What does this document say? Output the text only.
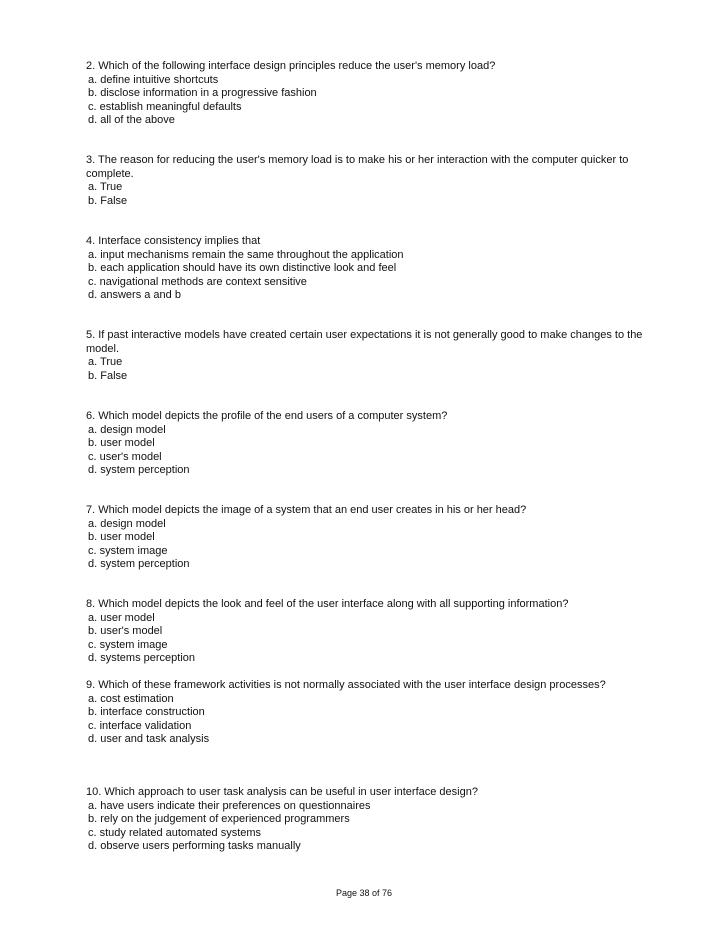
2. Which of the following interface design principles reduce the user's memory load?

a. define intuitive shortcuts

b. disclose information in a progressive fashion

c. establish meaningful defaults

d. all of the above

3. The reason for reducing the user's memory load is to make his or her interaction with the computer quicker to complete.

a. True

b. False

4. Interface consistency implies that

a. input mechanisms remain the same throughout the application

b. each application should have its own distinctive look and feel

c. navigational methods are context sensitive

d. answers a and b

5. If past interactive models have created certain user expectations it is not generally good to make changes to the model.

a. True

b. False

6. Which model depicts the profile of the end users of a computer system?

a. design model

b. user model

c. user's model

d. system perception

7. Which model depicts the image of a system that an end user creates in his or her head?

a. design model

b. user model

c. system image

d. system perception

8. Which model depicts the look and feel of the user interface along with all supporting information?

a. user model

b. user's model

c. system image

d. systems perception

9. Which of these framework activities is not normally associated with the user interface design processes?

a. cost estimation

b. interface construction

c. interface validation

d. user and task analysis

10. Which approach to user task analysis can be useful in user interface design?

a. have users indicate their preferences on questionnaires

b. rely on the judgement of experienced programmers

c. study related automated systems

d. observe users performing tasks manually

Page 38 of 76
